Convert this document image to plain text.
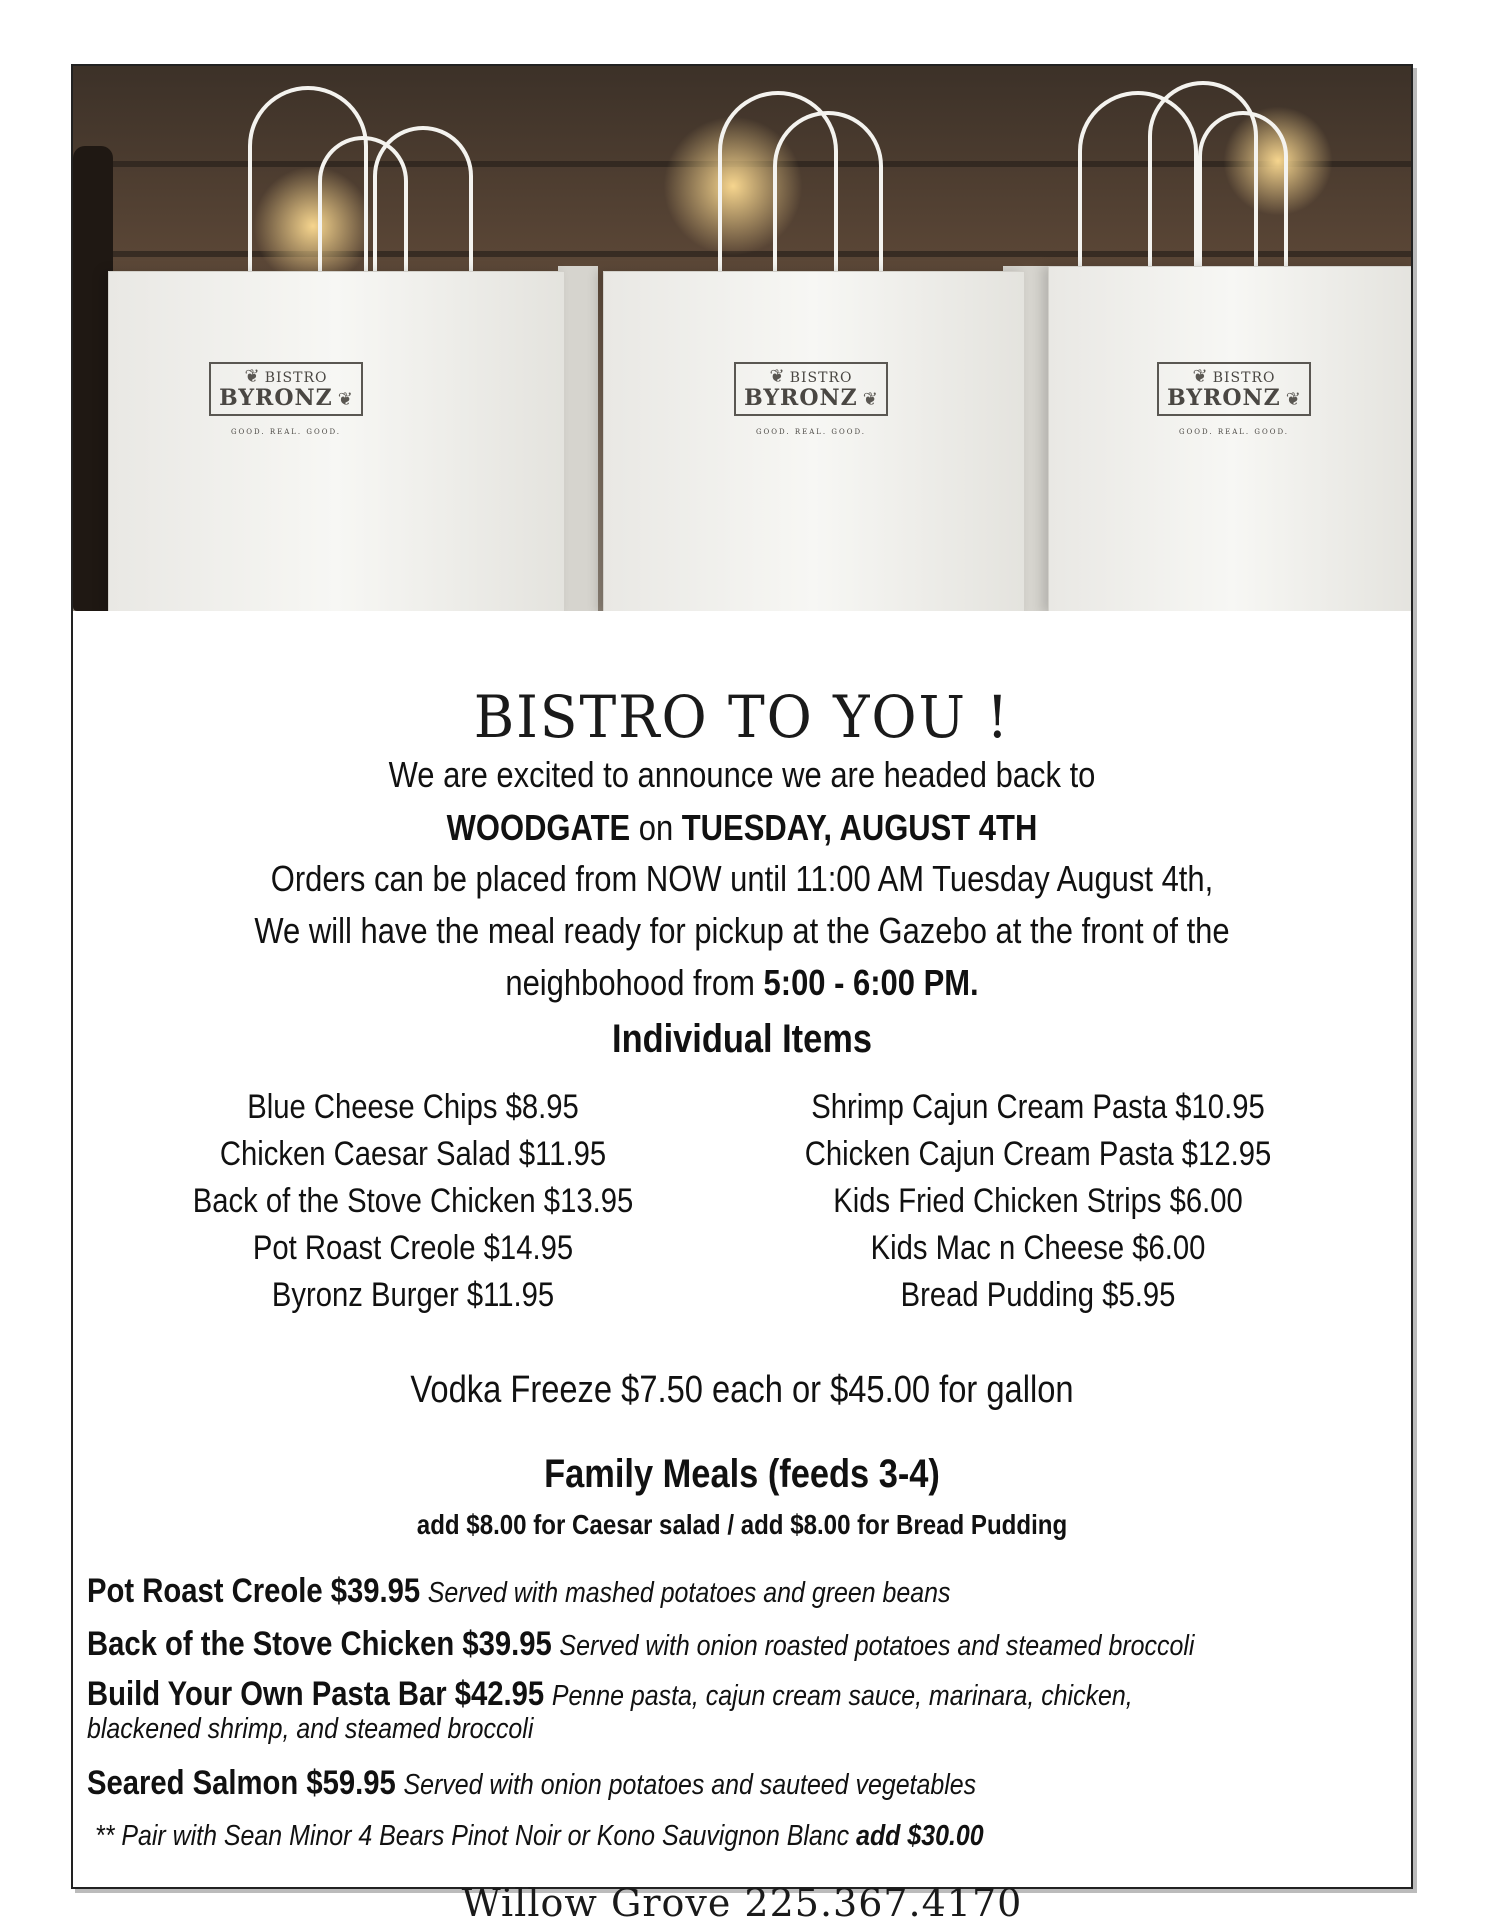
❦ BISTRO
BYRONZ ❦
GOOD. REAL. GOOD.
❦ BISTRO
BYRONZ ❦
GOOD. REAL. GOOD.
❦ BISTRO
BYRONZ ❦
GOOD. REAL. GOOD.
BISTRO TO YOU !
We are excited to announce we are headed back to
WOODGATE on TUESDAY, AUGUST 4TH
Orders can be placed from NOW until 11:00 AM Tuesday August 4th,
We will have the meal ready for pickup at the Gazebo at the front of the
neighbohood from 5:00 - 6:00 PM.
Individual Items
Blue Cheese Chips $8.95
Chicken Caesar Salad $11.95
Back of the Stove Chicken $13.95
Pot Roast Creole $14.95
Byronz Burger $11.95
Shrimp Cajun Cream Pasta $10.95
Chicken Cajun Cream Pasta $12.95
Kids Fried Chicken Strips $6.00
Kids Mac n Cheese $6.00
Bread Pudding $5.95
Vodka Freeze $7.50 each or $45.00 for gallon
Family Meals (feeds 3-4)
add $8.00 for Caesar salad / add $8.00 for Bread Pudding
Pot Roast Creole $39.95 Served with mashed potatoes and green beans
Back of the Stove Chicken $39.95 Served with onion roasted potatoes and steamed broccoli
Build Your Own Pasta Bar $42.95 Penne pasta, cajun cream sauce, marinara, chicken,
blackened shrimp, and steamed broccoli
Seared Salmon $59.95 Served with onion potatoes and sauteed vegetables
** Pair with Sean Minor 4 Bears Pinot Noir or Kono Sauvignon Blanc add $30.00
Willow Grove 225.367.4170
